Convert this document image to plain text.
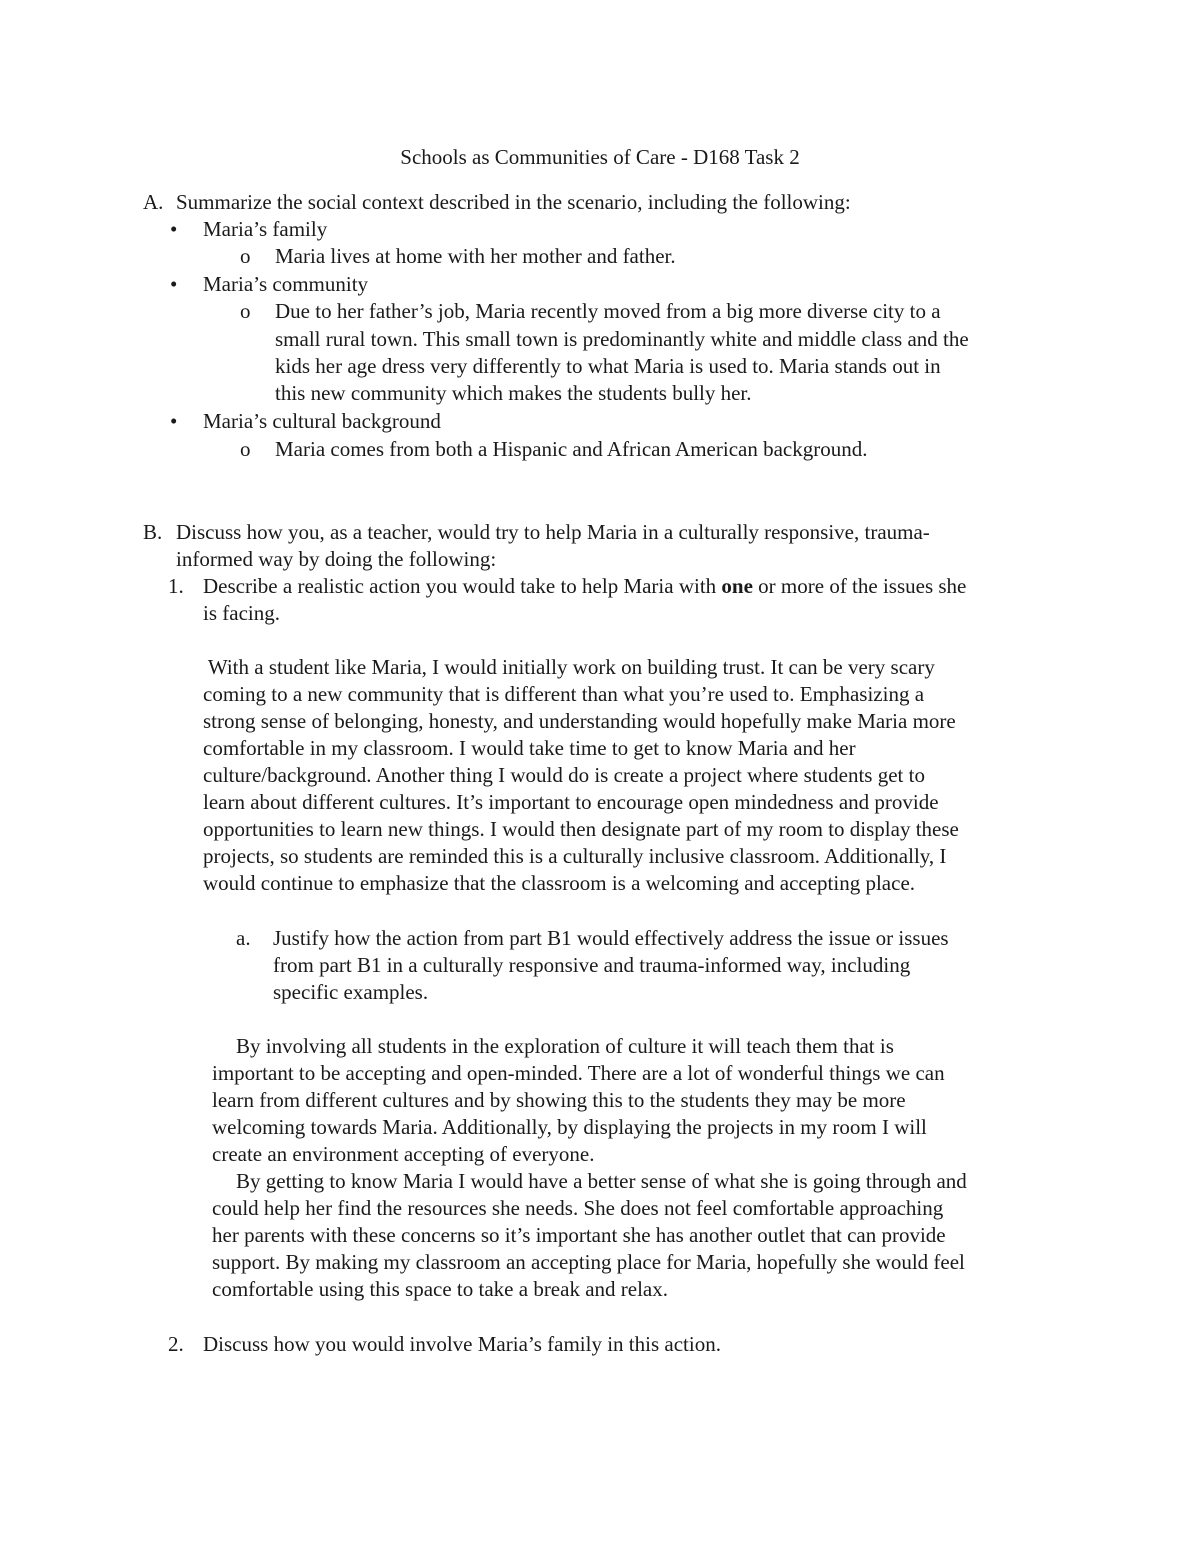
Schools as Communities of Care - D168 Task 2
A. Summarize the social context described in the scenario, including the following:
• Maria’s family
o Maria lives at home with her mother and father.
• Maria’s community
o Due to her father’s job, Maria recently moved from a big more diverse city to a
small rural town. This small town is predominantly white and middle class and the
kids her age dress very differently to what Maria is used to. Maria stands out in
this new community which makes the students bully her.
• Maria’s cultural background
o Maria comes from both a Hispanic and African American background.
B. Discuss how you, as a teacher, would try to help Maria in a culturally responsive, trauma-
informed way by doing the following:
1. Describe a realistic action you would take to help Maria with one or more of the issues she
is facing.
With a student like Maria, I would initially work on building trust. It can be very scary
coming to a new community that is different than what you’re used to. Emphasizing a
strong sense of belonging, honesty, and understanding would hopefully make Maria more
comfortable in my classroom. I would take time to get to know Maria and her
culture/background. Another thing I would do is create a project where students get to
learn about different cultures. It’s important to encourage open mindedness and provide
opportunities to learn new things. I would then designate part of my room to display these
projects, so students are reminded this is a culturally inclusive classroom. Additionally, I
would continue to emphasize that the classroom is a welcoming and accepting place.
a. Justify how the action from part B1 would effectively address the issue or issues
from part B1 in a culturally responsive and trauma-informed way, including
specific examples.
By involving all students in the exploration of culture it will teach them that is
important to be accepting and open-minded. There are a lot of wonderful things we can
learn from different cultures and by showing this to the students they may be more
welcoming towards Maria. Additionally, by displaying the projects in my room I will
create an environment accepting of everyone.
By getting to know Maria I would have a better sense of what she is going through and
could help her find the resources she needs. She does not feel comfortable approaching
her parents with these concerns so it’s important she has another outlet that can provide
support. By making my classroom an accepting place for Maria, hopefully she would feel
comfortable using this space to take a break and relax.
2. Discuss how you would involve Maria’s family in this action.
